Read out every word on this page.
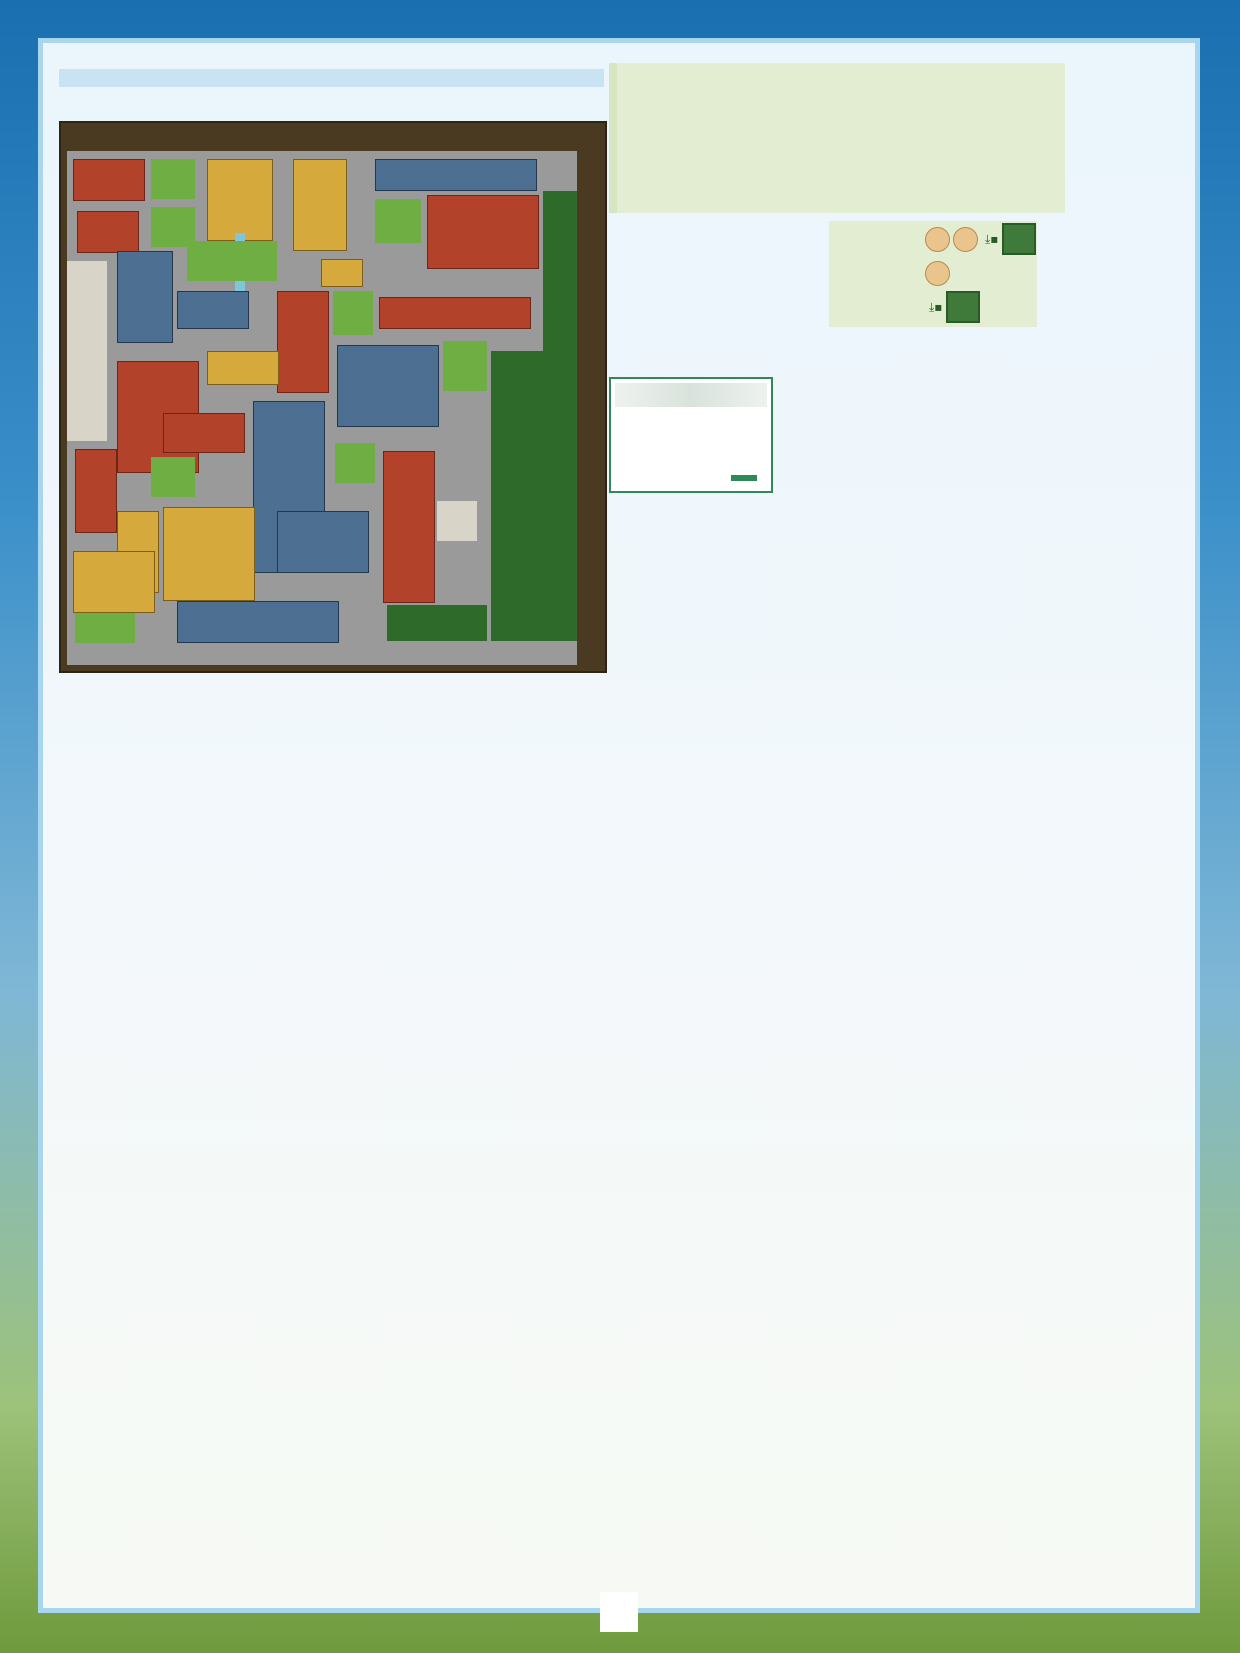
⤓▪
⤓▪
